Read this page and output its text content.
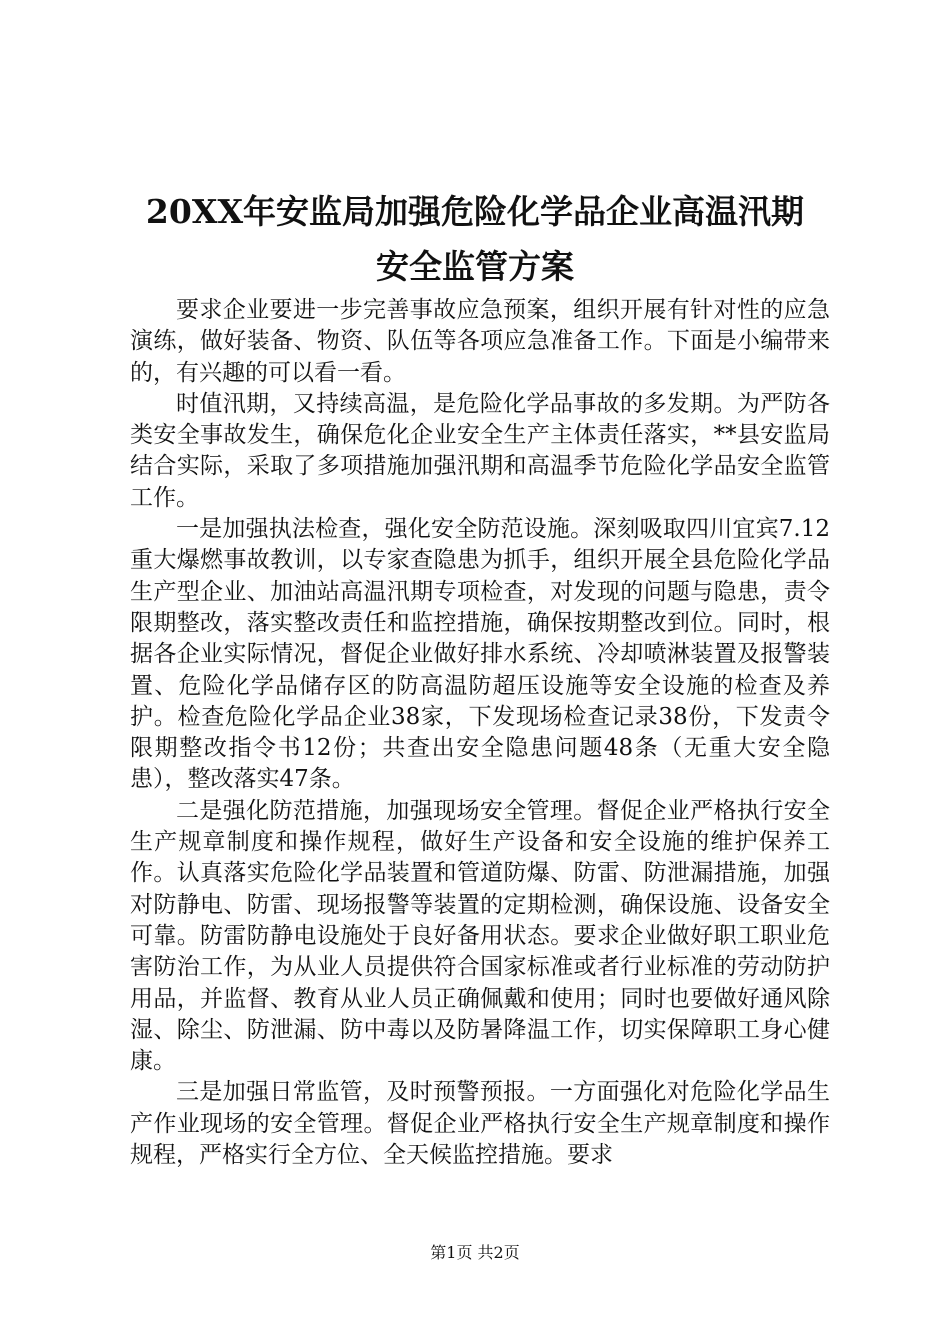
20XX年安监局加强危险化学品企业高温汛期
安全监管方案

要求企业要进一步完善事故应急预案，组织开展有针对性的应急演练，做好装备、物资、队伍等各项应急准备工作。下面是小编带来的，有兴趣的可以看一看。

时值汛期，又持续高温，是危险化学品事故的多发期。为严防各类安全事故发生，确保危化企业安全生产主体责任落实，**县安监局结合实际，采取了多项措施加强汛期和高温季节危险化学品安全监管工作。

一是加强执法检查，强化安全防范设施。深刻吸取四川宜宾7.12重大爆燃事故教训，以专家查隐患为抓手，组织开展全县危险化学品生产型企业、加油站高温汛期专项检查，对发现的问题与隐患，责令限期整改，落实整改责任和监控措施，确保按期整改到位。同时，根据各企业实际情况，督促企业做好排水系统、冷却喷淋装置及报警装置、危险化学品储存区的防高温防超压设施等安全设施的检查及养护。检查危险化学品企业38家，下发现场检查记录38份，下发责令限期整改指令书12份；共查出安全隐患问题48条（无重大安全隐患），整改落实47条。

二是强化防范措施，加强现场安全管理。督促企业严格执行安全生产规章制度和操作规程，做好生产设备和安全设施的维护保养工作。认真落实危险化学品装置和管道防爆、防雷、防泄漏措施，加强对防静电、防雷、现场报警等装置的定期检测，确保设施、设备安全可靠。防雷防静电设施处于良好备用状态。要求企业做好职工职业危害防治工作，为从业人员提供符合国家标准或者行业标准的劳动防护用品，并监督、教育从业人员正确佩戴和使用；同时也要做好通风除湿、除尘、防泄漏、防中毒以及防暑降温工作，切实保障职工身心健康。

三是加强日常监管，及时预警预报。一方面强化对危险化学品生产作业现场的安全管理。督促企业严格执行安全生产规章制度和操作规程，严格实行全方位、全天候监控措施。要求

第1页 共2页
